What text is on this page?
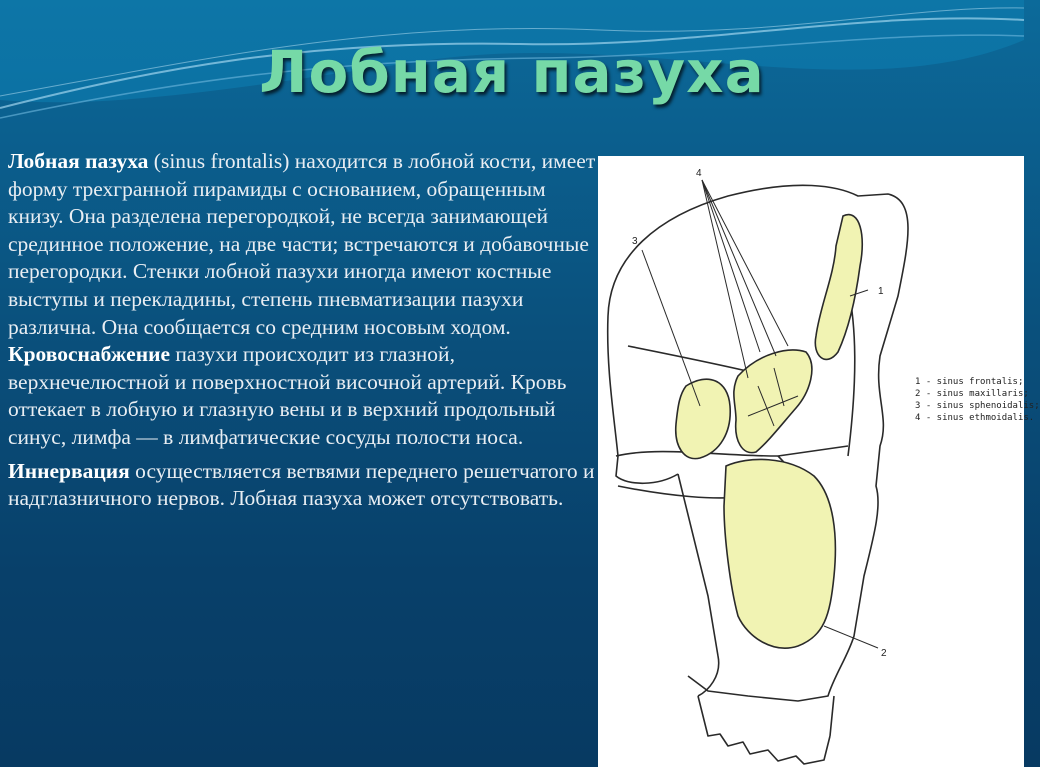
Лобная пазуха

Лобная пазуха (sinus frontalis) находится в лобной кости, имеет форму трехгранной пирамиды с основанием, обращенным книзу. Она разделена перегородкой, не всегда занимающей срединное положение, на две части; встречаются и добавочные перегородки. Стенки лобной пазухи иногда имеют костные выступы и перекладины, степень пневматизации пазухи различна. Она сообщается со средним носовым ходом. Кровоснабжение пазухи происходит из глазной, верхнечелюстной и поверхностной височной артерий. Кровь оттекает в лобную и глазную вены и в верхний продольный синус, лимфа — в лимфатические сосуды полости носа.

Иннервация осуществляется ветвями переднего решетчатого и надглазничного нервов. Лобная пазуха может отсутствовать.

4
3
1
2
1 - sinus frontalis;
2 - sinus maxillaris;
3 - sinus sphenoidalis;
4 - sinus ethmoidalis.
